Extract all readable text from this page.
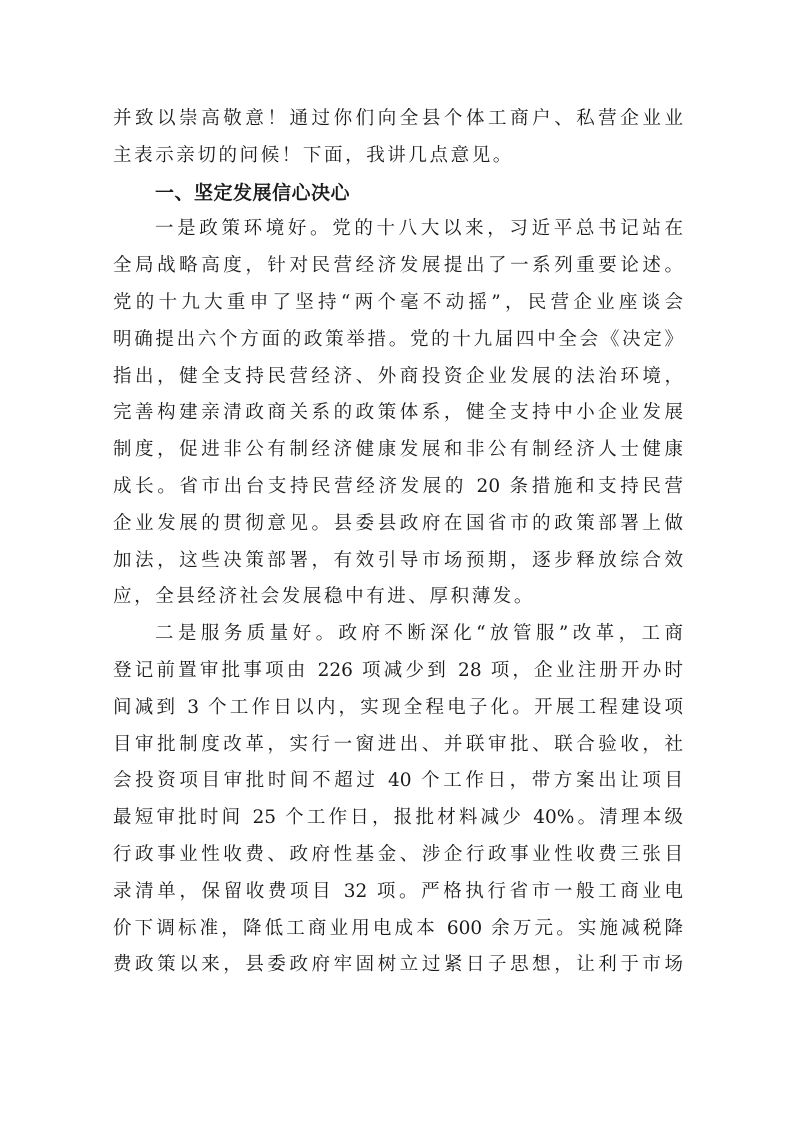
并致以崇高敬意！通过你们向全县个体工商户、私营企业业
主表示亲切的问候！下面，我讲几点意见。
一、坚定发展信心决心
一是政策环境好。党的十八大以来，习近平总书记站在
全局战略高度，针对民营经济发展提出了一系列重要论述。
党的十九大重申了坚持“两个毫不动摇”，民营企业座谈会
明确提出六个方面的政策举措。党的十九届四中全会《决定》
指出，健全支持民营经济、外商投资企业发展的法治环境，
完善构建亲清政商关系的政策体系，健全支持中小企业发展
制度，促进非公有制经济健康发展和非公有制经济人士健康
成长。省市出台支持民营经济发展的 20 条措施和支持民营
企业发展的贯彻意见。县委县政府在国省市的政策部署上做
加法，这些决策部署，有效引导市场预期，逐步释放综合效
应，全县经济社会发展稳中有进、厚积薄发。
二是服务质量好。政府不断深化“放管服”改革，工商
登记前置审批事项由 226 项减少到 28 项，企业注册开办时
间减到 3 个工作日以内，实现全程电子化。开展工程建设项
目审批制度改革，实行一窗进出、并联审批、联合验收，社
会投资项目审批时间不超过 40 个工作日，带方案出让项目
最短审批时间 25 个工作日，报批材料减少 40%。清理本级
行政事业性收费、政府性基金、涉企行政事业性收费三张目
录清单，保留收费项目 32 项。严格执行省市一般工商业电
价下调标准，降低工商业用电成本 600 余万元。实施减税降
费政策以来，县委政府牢固树立过紧日子思想，让利于市场
